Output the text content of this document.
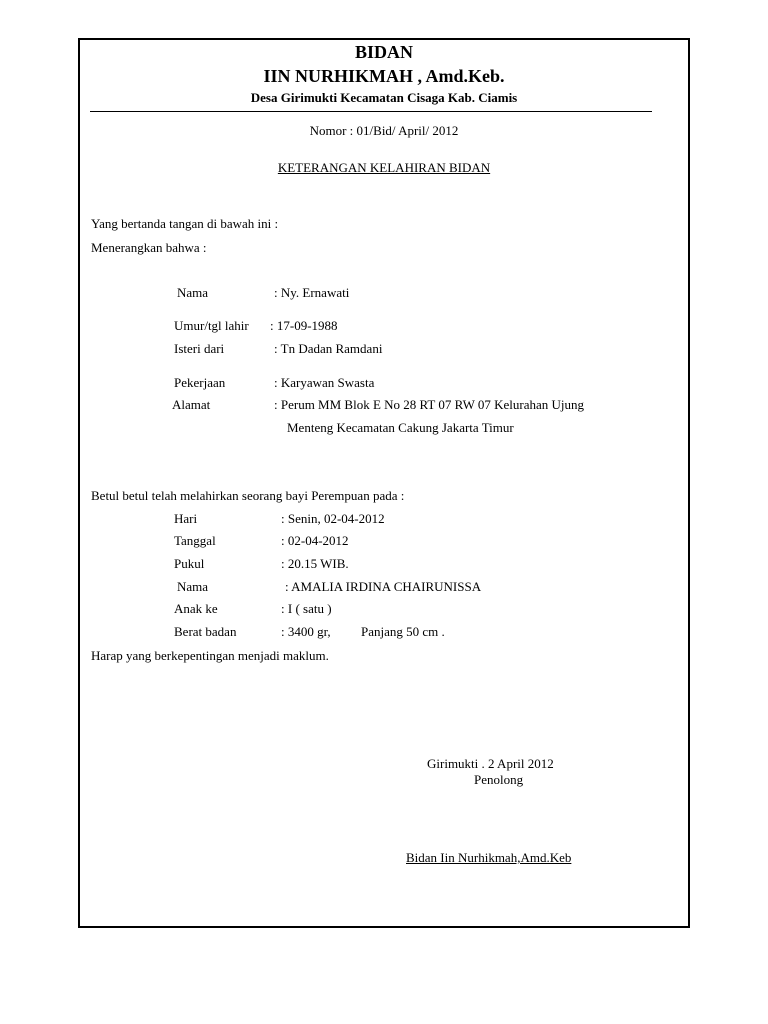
BIDAN
IIN NURHIKMAH , Amd.Keb.
Desa Girimukti Kecamatan Cisaga Kab. Ciamis
Nomor : 01/Bid/ April/ 2012
KETERANGAN KELAHIRAN BIDAN
Yang bertanda tangan di bawah ini :
Menerangkan bahwa :
Nama	: Ny. Ernawati
Umur/tgl lahir : 17-09-1988
Isteri dari	: Tn Dadan Ramdani
Pekerjaan	: Karyawan Swasta
Alamat	: Perum MM Blok E No 28 RT 07 RW 07 Kelurahan Ujung
Menteng Kecamatan Cakung Jakarta Timur
Betul betul telah melahirkan seorang bayi Perempuan pada :
Hari	: Senin, 02-04-2012
Tanggal	: 02-04-2012
Pukul	: 20.15 WIB.
Nama	: AMALIA IRDINA CHAIRUNISSA
Anak ke	: I ( satu )
Berat badan	: 3400 gr, Panjang 50 cm .
Harap yang berkepentingan menjadi maklum.
Girimukti . 2 April 2012
Penolong
Bidan Iin Nurhikmah,Amd.Keb
